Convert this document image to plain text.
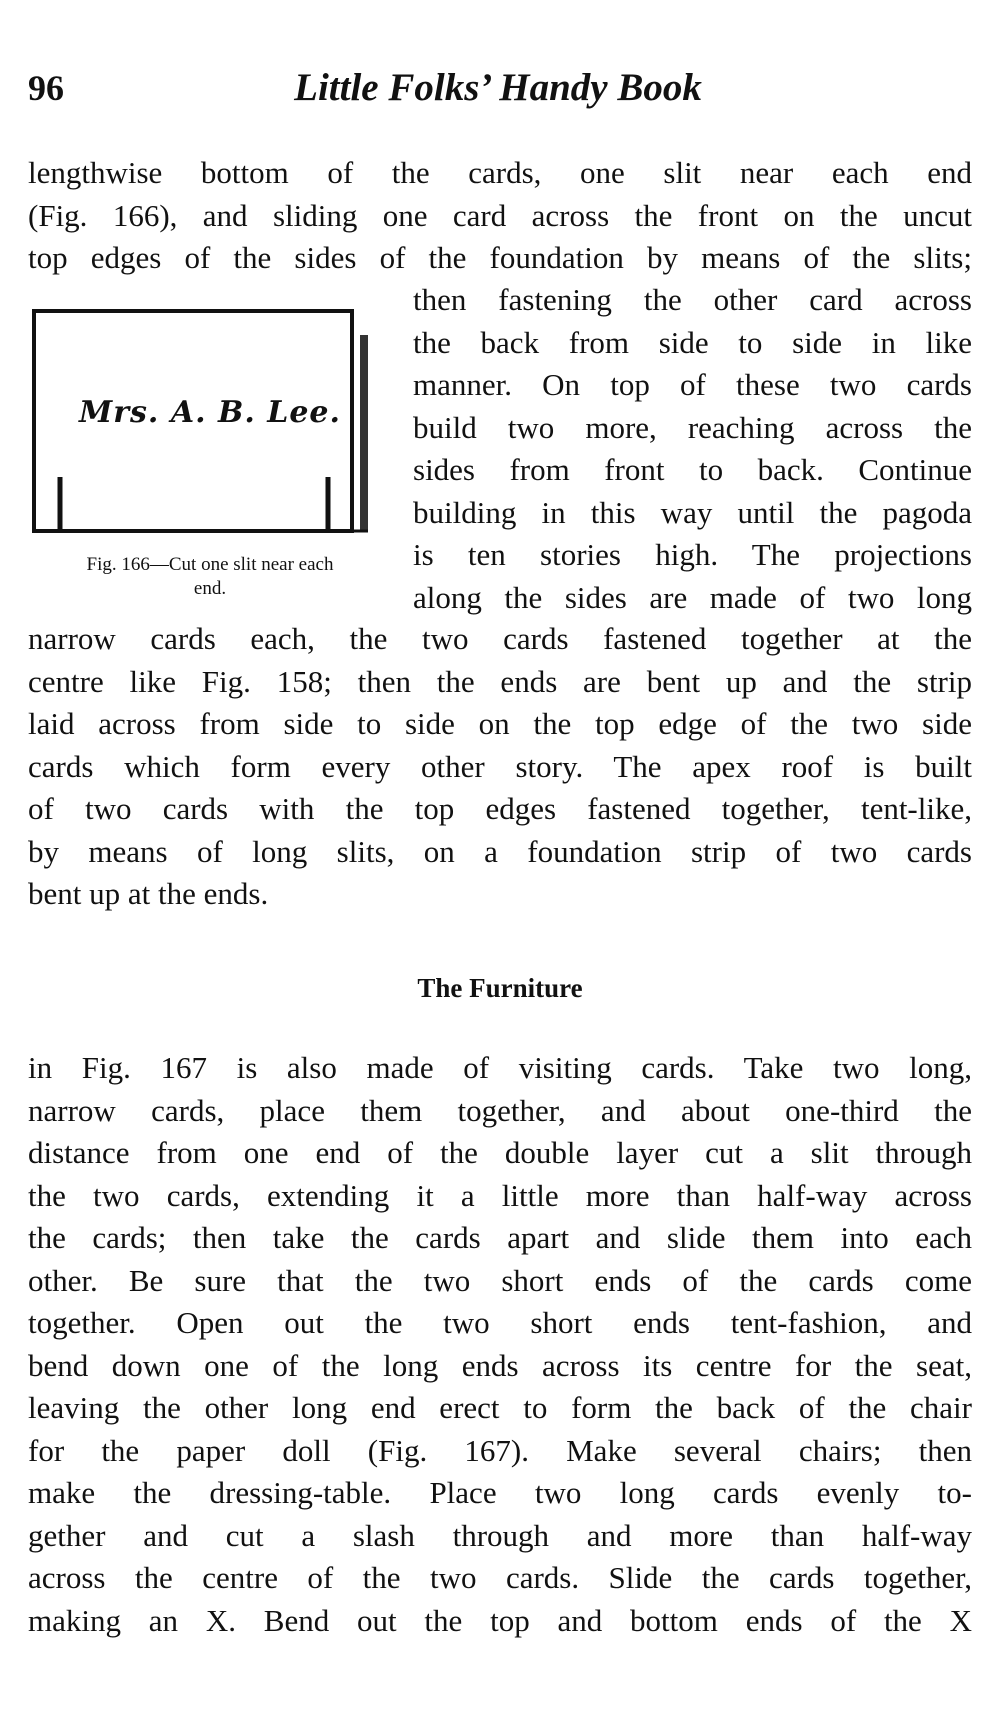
96	Little Folks’ Handy Book
lengthwise bottom of the cards, one slit near each end
(Fig. 166), and sliding one card across the front on the uncut
top edges of the sides of the foundation by means of the slits;
Mrs. A. B. Lee.
Fig. 166—Cut one slit near each
end.
then fastening the other card across
the back from side to side in like
manner. On top of these two cards
build two more, reaching across the
sides from front to back. Continue
building in this way until the pagoda
is ten stories high. The projections
along the sides are made of two long
narrow cards each, the two cards fastened together at the
centre like Fig. 158; then the ends are bent up and the strip
laid across from side to side on the top edge of the two side
cards which form every other story. The apex roof is built
of two cards with the top edges fastened together, tent-like,
by means of long slits, on a foundation strip of two cards
bent up at the ends.
The Furniture
in Fig. 167 is also made of visiting cards. Take two long,
narrow cards, place them together, and about one-third the
distance from one end of the double layer cut a slit through
the two cards, extending it a little more than half-way across
the cards; then take the cards apart and slide them into each
other. Be sure that the two short ends of the cards come
together. Open out the two short ends tent-fashion, and
bend down one of the long ends across its centre for the seat,
leaving the other long end erect to form the back of the chair
for the paper doll (Fig. 167). Make several chairs; then
make the dressing-table. Place two long cards evenly to-
gether and cut a slash through and more than half-way
across the centre of the two cards. Slide the cards together,
making an X. Bend out the top and bottom ends of the X
